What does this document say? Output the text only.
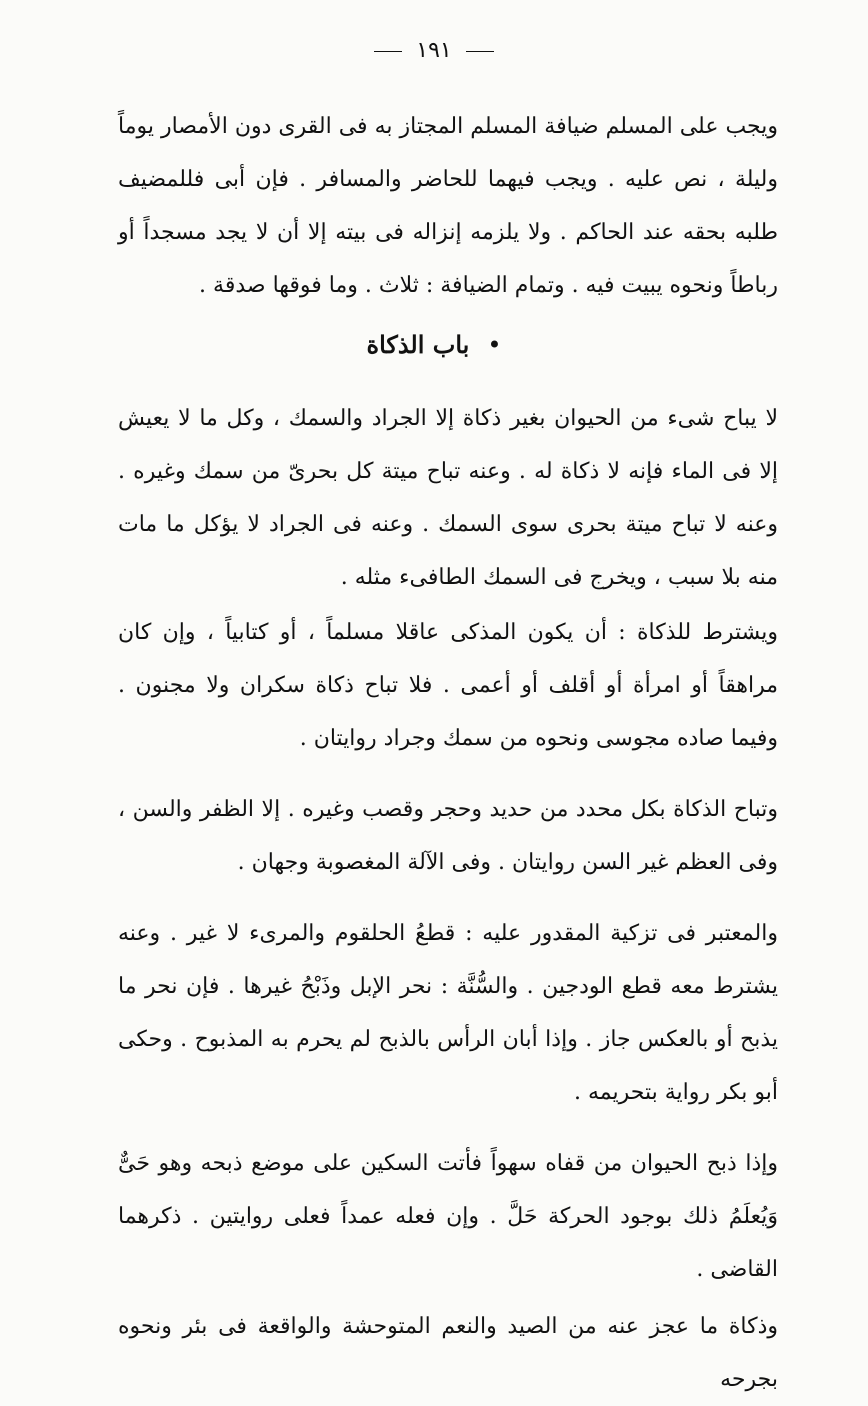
١٩١

ويجب على المسلم ضيافة المسلم المجتاز به فى القرى دون الأمصار يوماً وليلة ، نص عليه . ويجب فيهما للحاضر والمسافر . فإن أبى فللمضيف طلبه بحقه عند الحاكم . ولا يلزمه إنزاله فى بيته إلا أن لا يجد مسجداً أو رباطاً ونحوه يبيت فيه . وتمام الضيافة : ثلاث . وما فوقها صدقة .

•باب الذكاة

لا يباح شىء من الحيوان بغير ذكاة إلا الجراد والسمك ، وكل ما لا يعيش إلا فى الماء فإنه لا ذكاة له . وعنه تباح ميتة كل بحرىّ من سمك وغيره . وعنه لا تباح ميتة بحرى سوى السمك . وعنه فى الجراد لا يؤكل ما مات منه بلا سبب ، ويخرج فى السمك الطافىء مثله .

ويشترط للذكاة : أن يكون المذكى عاقلا مسلماً ، أو كتابياً ، وإن كان مراهقاً أو امرأة أو أقلف أو أعمى . فلا تباح ذكاة سكران ولا مجنون . وفيما صاده مجوسى ونحوه من سمك وجراد روايتان .

وتباح الذكاة بكل محدد من حديد وحجر وقصب وغيره . إلا الظفر والسن ، وفى العظم غير السن روايتان . وفى الآلة المغصوبة وجهان .

والمعتبر فى تزكية المقدور عليه : قطعُ الحلقوم والمرىء لا غير . وعنه يشترط معه قطع الودجين . والسُّنَّة : نحر الإبل وذَبْحُ غيرها . فإن نحر ما يذبح أو بالعكس جاز . وإذا أبان الرأس بالذبح لم يحرم به المذبوح . وحكى أبو بكر رواية بتحريمه .

وإذا ذبح الحيوان من قفاه سهواً فأتت السكين على موضع ذبحه وهو حَىٌّ وَيُعلَمُ ذلك بوجود الحركة حَلَّ . وإن فعله عمداً فعلى روايتين . ذكرهما القاضى .

وذكاة ما عجز عنه من الصيد والنعم المتوحشة والواقعة فى بئر ونحوه بجرحه
